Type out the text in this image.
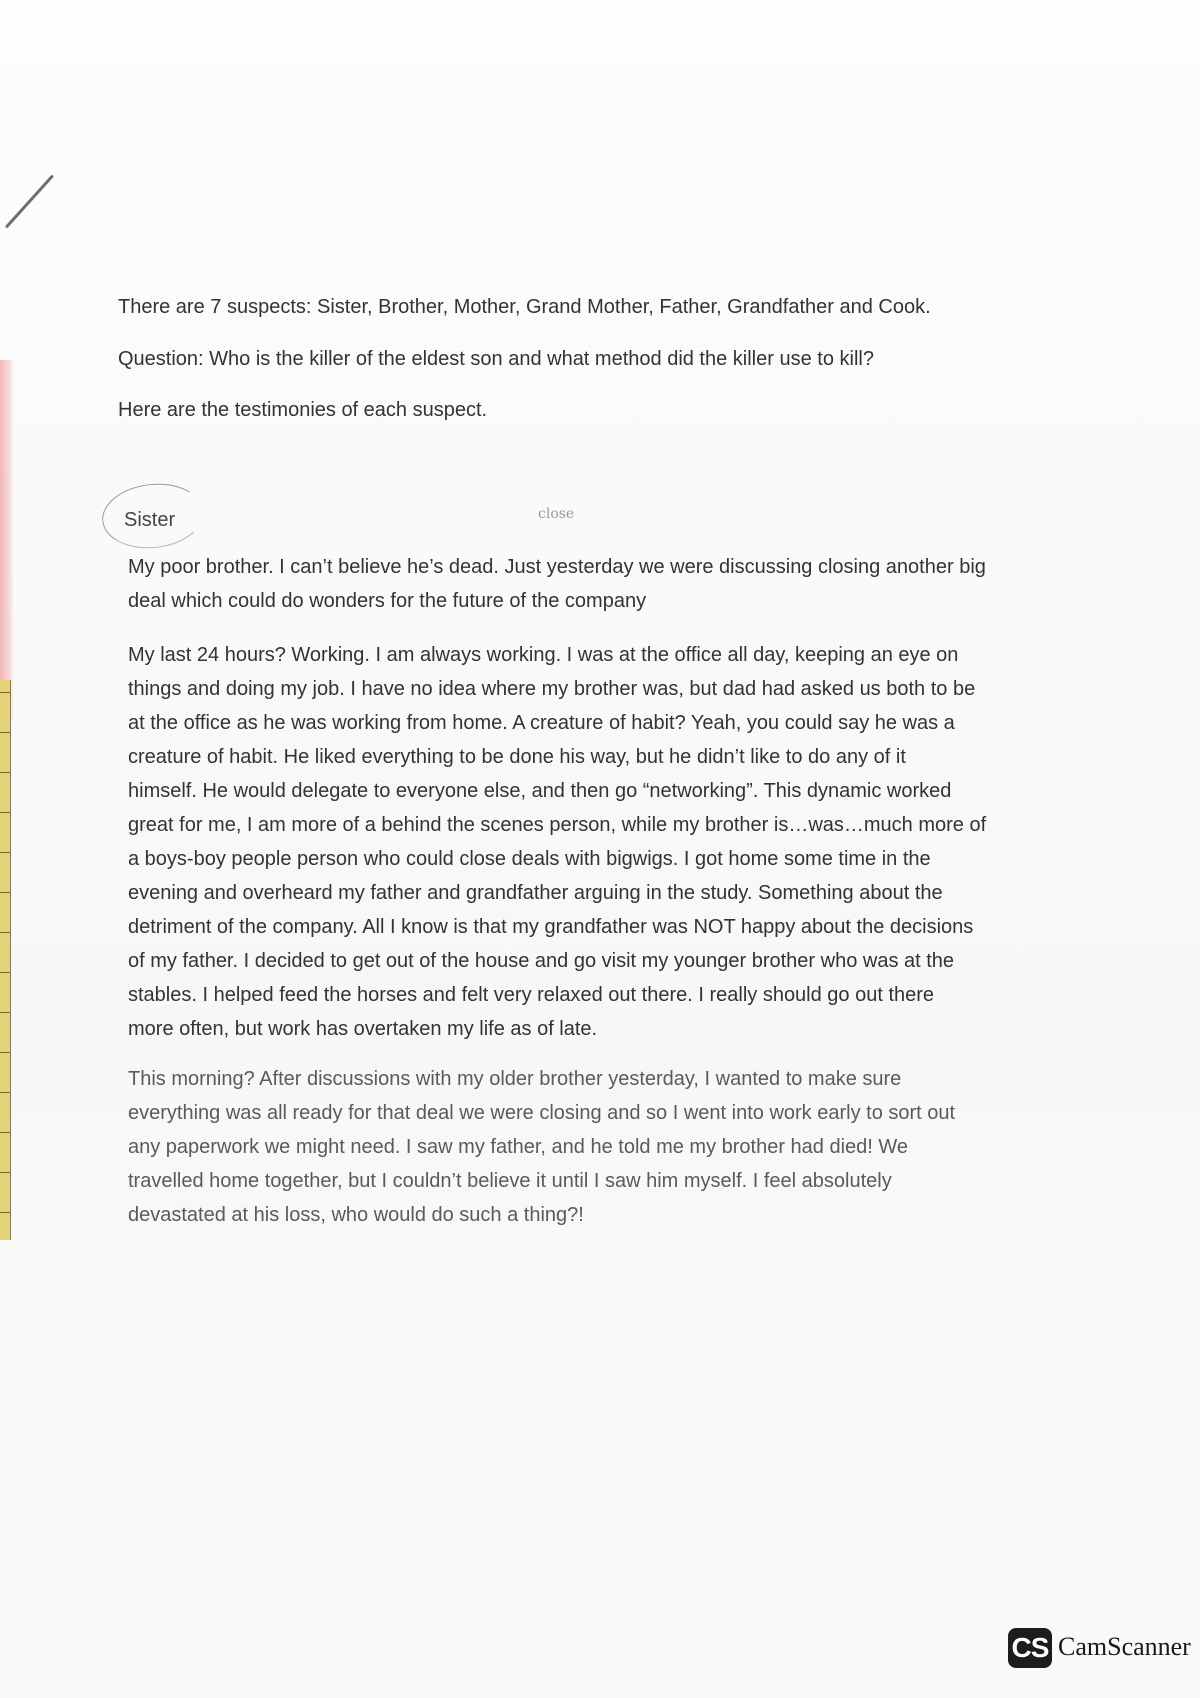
There are 7 suspects: Sister, Brother, Mother, Grand Mother, Father, Grandfather and Cook.
Question: Who is the killer of the eldest son and what method did the killer use to kill?
Here are the testimonies of each suspect.
Sister	close
My poor brother. I can’t believe he’s dead. Just yesterday we were discussing closing another big
deal which could do wonders for the future of the company
My last 24 hours? Working. I am always working. I was at the office all day, keeping an eye on
things and doing my job. I have no idea where my brother was, but dad had asked us both to be
at the office as he was working from home. A creature of habit? Yeah, you could say he was a
creature of habit. He liked everything to be done his way, but he didn’t like to do any of it
himself. He would delegate to everyone else, and then go “networking”. This dynamic worked
great for me, I am more of a behind the scenes person, while my brother is…was…much more of
a boys-boy people person who could close deals with bigwigs. I got home some time in the
evening and overheard my father and grandfather arguing in the study. Something about the
detriment of the company. All I know is that my grandfather was NOT happy about the decisions
of my father. I decided to get out of the house and go visit my younger brother who was at the
stables. I helped feed the horses and felt very relaxed out there. I really should go out there
more often, but work has overtaken my life as of late.
This morning? After discussions with my older brother yesterday, I wanted to make sure
everything was all ready for that deal we were closing and so I went into work early to sort out
any paperwork we might need. I saw my father, and he told me my brother had died! We
travelled home together, but I couldn’t believe it until I saw him myself. I feel absolutely
devastated at his loss, who would do such a thing?!
CS CamScanner
